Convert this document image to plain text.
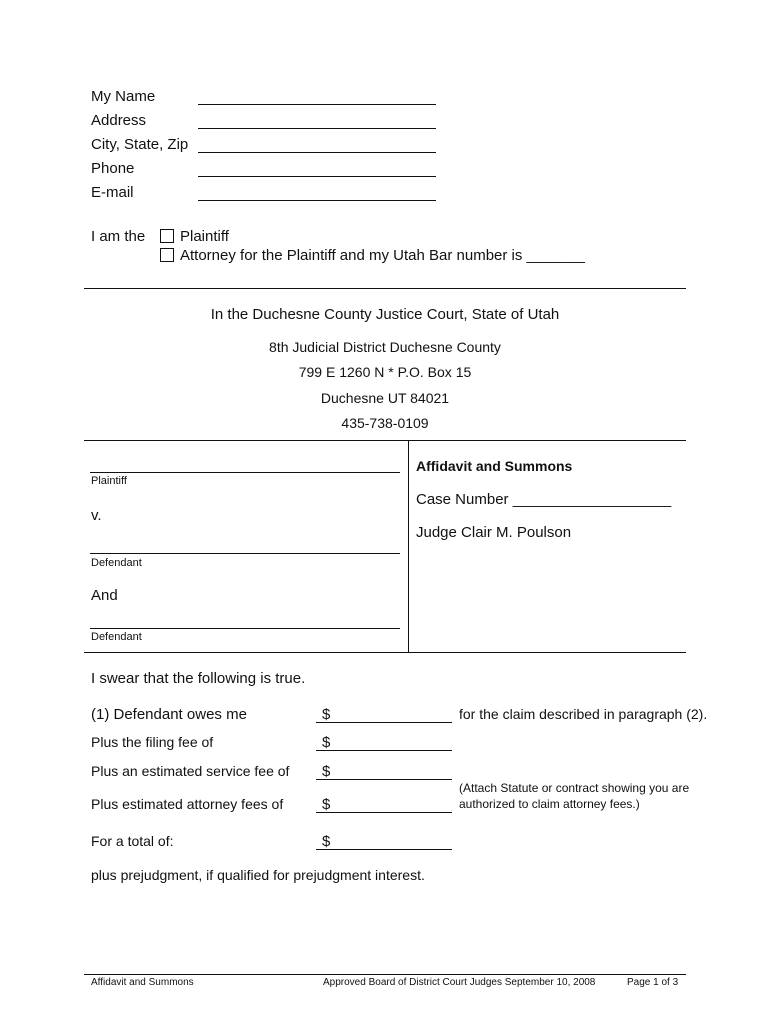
My Name
Address
City, State, Zip
Phone
E-mail
I am the Plaintiff
Attorney for the Plaintiff and my Utah Bar number is _______
In the Duchesne County Justice Court, State of Utah
8th Judicial District Duchesne County
799 E 1260 N * P.O. Box 15
Duchesne UT 84021
435-738-0109
Plaintiff
v.
Defendant
And
Defendant
Affidavit and Summons
Case Number ___________________
Judge Clair M. Poulson
I swear that the following is true.
(1) Defendant owes me	$	for the claim described in paragraph (2).
Plus the filing fee of	$
Plus an estimated service fee of $
(Attach Statute or contract showing you are
authorized to claim attorney fees.)
Plus estimated attorney fees of	$
For a total of:	$
plus prejudgment, if qualified for prejudgment interest.
Affidavit and Summons	Approved Board of District Court Judges September 10, 2008	Page 1 of 3
